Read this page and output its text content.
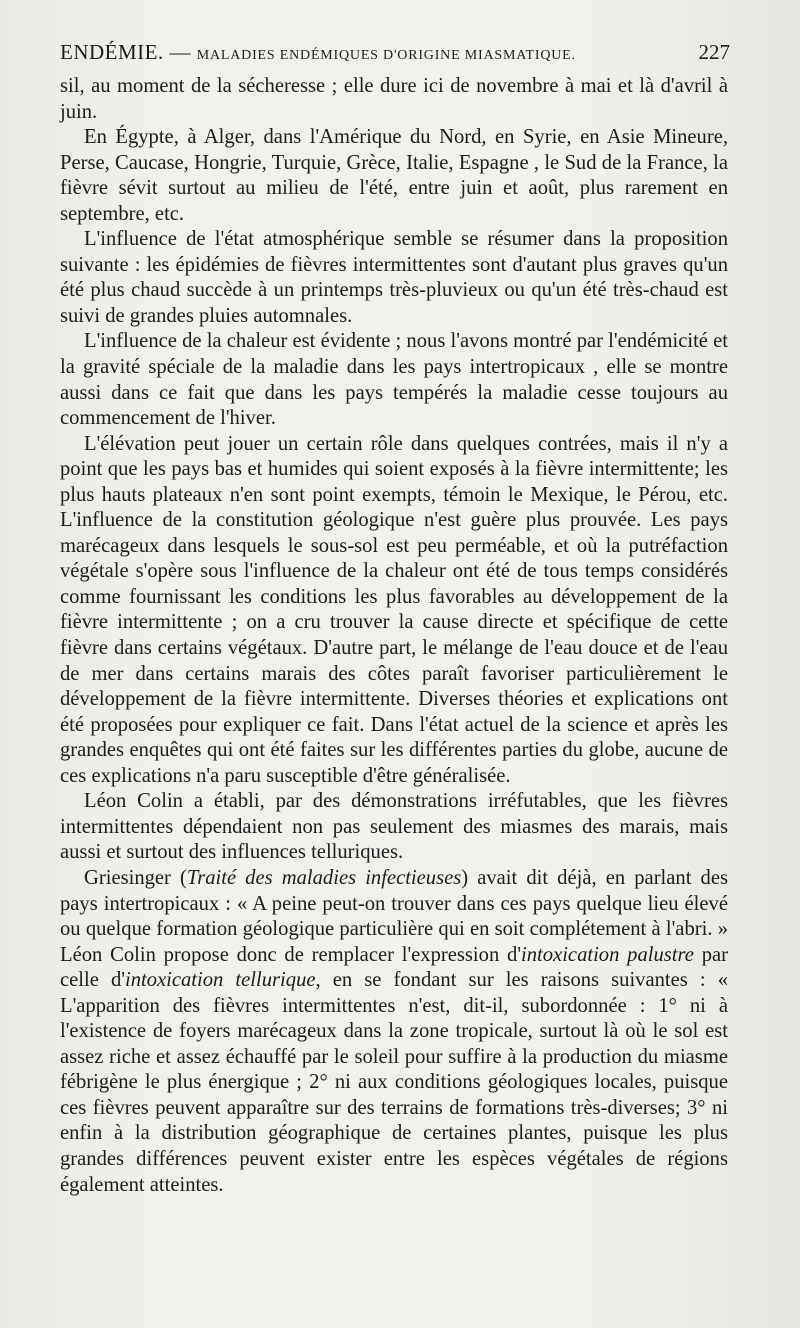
ENDÉMIE. — MALADIES ENDÉMIQUES D'ORIGINE MIASMATIQUE.	227

sil, au moment de la sécheresse ; elle dure ici de novembre à mai et là d'avril à juin.

En Égypte, à Alger, dans l'Amérique du Nord, en Syrie, en Asie Mineure, Perse, Caucase, Hongrie, Turquie, Grèce, Italie, Espagne , le Sud de la France, la fièvre sévit surtout au milieu de l'été, entre juin et août, plus rarement en septembre, etc.

L'influence de l'état atmosphérique semble se résumer dans la proposition suivante : les épidémies de fièvres intermittentes sont d'autant plus graves qu'un été plus chaud succède à un printemps très-pluvieux ou qu'un été très-chaud est suivi de grandes pluies automnales.

L'influence de la chaleur est évidente ; nous l'avons montré par l'endémicité et la gravité spéciale de la maladie dans les pays intertropicaux , elle se montre aussi dans ce fait que dans les pays tempérés la maladie cesse toujours au commencement de l'hiver.

L'élévation peut jouer un certain rôle dans quelques contrées, mais il n'y a point que les pays bas et humides qui soient exposés à la fièvre intermittente; les plus hauts plateaux n'en sont point exempts, témoin le Mexique, le Pérou, etc. L'influence de la constitution géologique n'est guère plus prouvée. Les pays marécageux dans lesquels le sous-sol est peu perméable, et où la putréfaction végétale s'opère sous l'influence de la chaleur ont été de tous temps considérés comme fournissant les conditions les plus favorables au développement de la fièvre intermittente ; on a cru trouver la cause directe et spécifique de cette fièvre dans certains végétaux. D'autre part, le mélange de l'eau douce et de l'eau de mer dans certains marais des côtes paraît favoriser particulièrement le développement de la fièvre intermittente. Diverses théories et explications ont été proposées pour expliquer ce fait. Dans l'état actuel de la science et après les grandes enquêtes qui ont été faites sur les différentes parties du globe, aucune de ces explications n'a paru susceptible d'être généralisée.

Léon Colin a établi, par des démonstrations irréfutables, que les fièvres intermittentes dépendaient non pas seulement des miasmes des marais, mais aussi et surtout des influences telluriques.

Griesinger (Traité des maladies infectieuses) avait dit déjà, en parlant des pays intertropicaux : « A peine peut-on trouver dans ces pays quelque lieu élevé ou quelque formation géologique particulière qui en soit complétement à l'abri. » Léon Colin propose donc de remplacer l'expression d'intoxication palustre par celle d'intoxication tellurique, en se fondant sur les raisons suivantes : « L'apparition des fièvres intermittentes n'est, dit-il, subordonnée : 1° ni à l'existence de foyers marécageux dans la zone tropicale, surtout là où le sol est assez riche et assez échauffé par le soleil pour suffire à la production du miasme fébrigène le plus énergique ; 2° ni aux conditions géologiques locales, puisque ces fièvres peuvent apparaître sur des terrains de formations très-diverses; 3° ni enfin à la distribution géographique de certaines plantes, puisque les plus grandes différences peuvent exister entre les espèces végétales de régions également atteintes.
